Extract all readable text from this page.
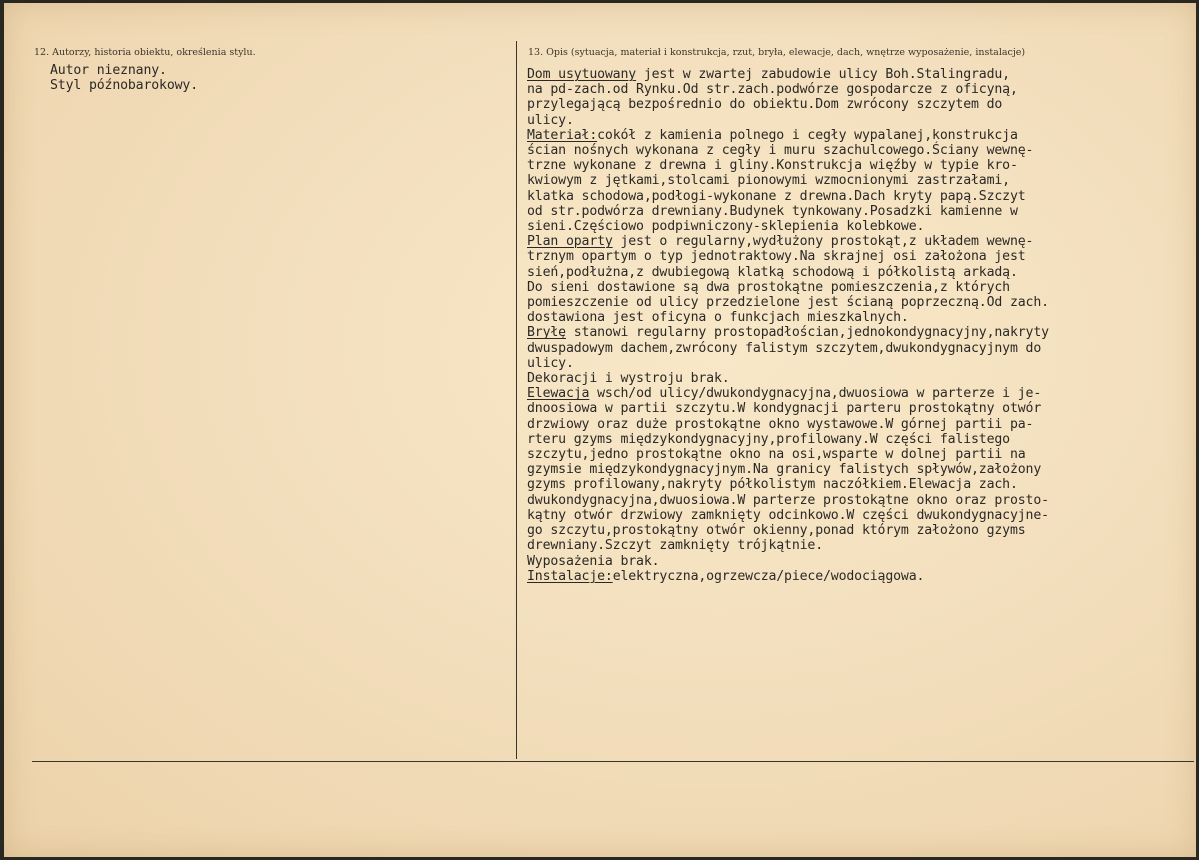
12. Autorzy, historia obiektu, określenia stylu.	13. Opis (sytuacja, materiał i konstrukcja, rzut, bryła, elewacje, dach, wnętrze wyposażenie, instalacje)
Autor nieznany.
Styl późnobarokowy.
Dom usytuowany jest w zwartej zabudowie ulicy Boh.Stalingradu,
na pd-zach.od Rynku.Od str.zach.podwórze gospodarcze z oficyną,
przylegającą bezpośrednio do obiektu.Dom zwrócony szczytem do
ulicy.
Materiał:cokół z kamienia polnego i cegły wypalanej,konstrukcja
ścian nośnych wykonana z cegły i muru szachulcowego.Ściany wewnę-
trzne wykonane z drewna i gliny.Konstrukcja więźby w typie kro-
kwiowym z jętkami,stolcami pionowymi wzmocnionymi zastrzałami,
klatka schodowa,podłogi-wykonane z drewna.Dach kryty papą.Szczyt
od str.podwórza drewniany.Budynek tynkowany.Posadzki kamienne w
sieni.Częściowo podpiwniczony-sklepienia kolebkowe.
Plan oparty jest o regularny,wydłużony prostokąt,z układem wewnę-
trznym opartym o typ jednotraktowy.Na skrajnej osi założona jest
sień,podłużna,z dwubiegową klatką schodową i półkolistą arkadą.
Do sieni dostawione są dwa prostokątne pomieszczenia,z których
pomieszczenie od ulicy przedzielone jest ścianą poprzeczną.Od zach.
dostawiona jest oficyna o funkcjach mieszkalnych.
Bryłę stanowi regularny prostopadłościan,jednokondygnacyjny,nakryty
dwuspadowym dachem,zwrócony falistym szczytem,dwukondygnacyjnym do
ulicy.
Dekoracji i wystroju brak.
Elewacja wsch/od ulicy/dwukondygnacyjna,dwuosiowa w parterze i je-
dnoosiowa w partii szczytu.W kondygnacji parteru prostokątny otwór
drzwiowy oraz duże prostokątne okno wystawowe.W górnej partii pa-
rteru gzyms międzykondygnacyjny,profilowany.W części falistego
szczytu,jedno prostokątne okno na osi,wsparte w dolnej partii na
gzymsie międzykondygnacyjnym.Na granicy falistych spływów,założony
gzyms profilowany,nakryty półkolistym naczółkiem.Elewacja zach.
dwukondygnacyjna,dwuosiowa.W parterze prostokątne okno oraz prosto-
kątny otwór drzwiowy zamknięty odcinkowo.W części dwukondygnacyjne-
go szczytu,prostokątny otwór okienny,ponad którym założono gzyms
drewniany.Szczyt zamknięty trójkątnie.
Wyposażenia brak.
Instalacje:elektryczna,ogrzewcza/piece/wodociągowa.
